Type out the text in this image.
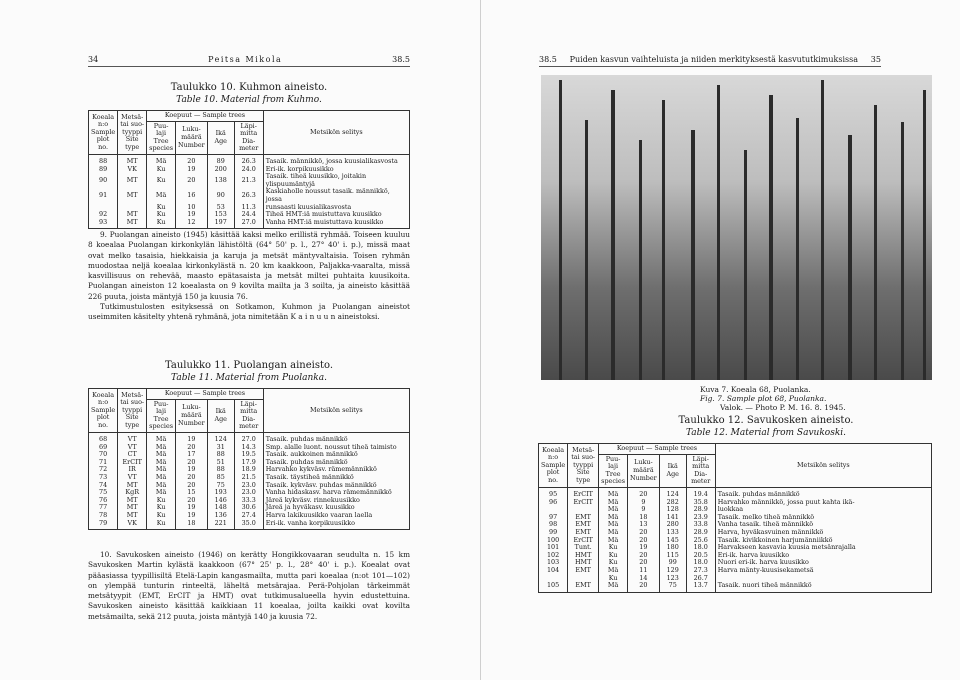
34	Peitsa Mikola	38.5
Taulukko 10. Kuhmon aineisto.
Table 10. Material from Kuhmo.
Koeala n:o Sample plot no.	Metsä-tai suo-tyyppi Site type	Koepuut — Sample trees				Metsikön selitys
		Puu-laji Tree species	Luku-määrä Number	Ikä Age	Läpi-mitta Dia-meter	
88	MT	Mä	20	89	26.3	Tasaik. männikkö, jossa kuusialikasvosta
89	VK	Ku	19	200	24.0	Eri-ik. korpikuusikko
90	MT	Ku	20	138	21.3	Tasaik. tiheä kuusikko, joitakin ylispuumäntyjä
91	MT	Mä	16	90	26.3	Kaskiaholle noussut tasaik. männikkö, jossa
		Ku	10	53	11.3	runsaasti kuusialikasvosta
92	MT	Ku	19	153	24.4	Tiheä HMT:iä muistuttava kuusikko
93	MT	Ku	12	197	27.0	Vanha HMT:iä muistuttava kuusikko

9. Puolangan aineisto (1945) käsittää kaksi melko erillistä ryhmää. Toiseen kuuluu 8 koealaa Puolangan kirkonkylän lähistöltä (64° 50' p. l., 27° 40' i. p.), missä maat ovat melko tasaisia, hiekkaisia ja karuja ja metsät mäntyvaltaisia. Toisen ryhmän muodostaa neljä koealaa kirkonkylästä n. 20 km kaakkoon, Paljakka-vaaralta, missä kasvillisuus on rehevää, maasto epätasaista ja metsät miltei puhtaita kuusikoita. Puolangan aineiston 12 koealasta on 9 kovilta mailta ja 3 soilta, ja aineisto käsittää 226 puuta, joista mäntyjä 150 ja kuusia 76.

Tutkimustulosten esityksessä on Sotkamon, Kuhmon ja Puolangan aineistot useimmiten käsitelty yhtenä ryhmänä, jota nimitetään K a i n u u n aineistoksi.

Taulukko 11. Puolangan aineisto.
Table 11. Material from Puolanka.
Koeala n:o Sample plot no.	Metsä-tai suo-tyyppi Site type	Koepuut — Sample trees				Metsikön selitys
		Puu-laji Tree species	Luku-määrä Number	Ikä Age	Läpi-mitta Dia-meter	
68	VT	Mä	19	124	27.0	Tasaik. puhdas männikkö
69	VT	Mä	20	31	14.3	Smp. alalle luont. noussut tiheä taimisto
70	CT	Mä	17	88	19.5	Tasaik. aukkoinen männikkö
71	ErCIT	Mä	20	51	17.9	Tasaik. puhdas männikkö
72	IR	Mä	19	88	18.9	Harvahko kykväsv. rämemännikkö
73	VT	Mä	20	85	21.5	Tasaik. täystiheä männikkö
74	MT	Mä	20	75	23.0	Tasaik. kykväsv. puhdas männikkö
75	KgR	Mä	15	193	23.0	Vanha hidaskasv. harva rämemännikkö
76	MT	Ku	20	146	33.3	Järeä kykväsv. rinnekuusikko
77	MT	Ku	19	148	30.6	Järeä ja hyväkasv. kuusikko
78	MT	Ku	19	136	27.4	Harva lakikuusikko vaaran laella
79	VK	Ku	18	221	35.0	Eri-ik. vanha korpikuusikko

10. Savukosken aineisto (1946) on kerätty Hongikkovaaran seudulta n. 15 km Savukosken Martin kylästä kaakkoon (67° 25' p. l., 28° 40' i. p.). Koealat ovat pääasiassa tyypillisiltä Etelä-Lapin kangasmailta, mutta pari koealaa (n:ot 101—102) on ylempää tunturin rinteeltä, läheltä metsärajaa. Perä-Pohjolan tärkeimmät metsätyypit (EMT, ErCIT ja HMT) ovat tutkimusalueella hyvin edustettuina. Savukosken aineisto käsittää kaikkiaan 11 koealaa, joilta kaikki ovat kovilta metsämailta, sekä 212 puuta, joista mäntyjä 140 ja kuusia 72.

38.5 Puiden kasvun vaihteluista ja niiden merkityksestä kasvututkimuksissa 35
Kuva 7. Koeala 68, Puolanka.
Fig. 7. Sample plot 68, Puolanka.
Valok. — Photo P. M. 16. 8. 1945.
Taulukko 12. Savukosken aineisto.
Table 12. Material from Savukoski.
Koeala n:o Sample plot no.	Metsä-tai suo-tyyppi Site type	Koepuut — Sample trees				Metsikön selitys
		Puu-laji Tree species	Luku-määrä Number	Ikä Age	Läpi-mitta Dia-meter	
95	ErCIT	Mä	20	124	19.4	Tasaik. puhdas männikkö
96	ErCIT	Mä	9	282	35.8	Harvahko männikkö, jossa puut kahta ikä-
		Mä	9	128	28.9	luokkaa
97	EMT	Mä	18	141	23.9	Tasaik. melko tiheä männikkö
98	EMT	Mä	13	280	33.8	Vanha tasaik. tiheä männikkö
99	EMT	Mä	20	133	28.9	Harva, hyväkasvuinen männikkö
100	ErCIT	Mä	20	145	25.6	Tasaik. kivikkoinen harjumänniikkö
101	Tunt.	Ku	19	180	18.0	Harvakseen kasvavia kuusia metsänrajalla
102	HMT	Ku	20	115	20.5	Eri-ik. harva kuusikko
103	HMT	Ku	20	99	18.0	Nuori eri-ik. harva kuusikko
104	EMT	Mä	11	129	27.3	Harva mänty-kuusisekametsä
		Ku	14	123	26.7	
105	EMT	Mä	20	75	13.7	Tasaik. nuori tiheä männikkö
